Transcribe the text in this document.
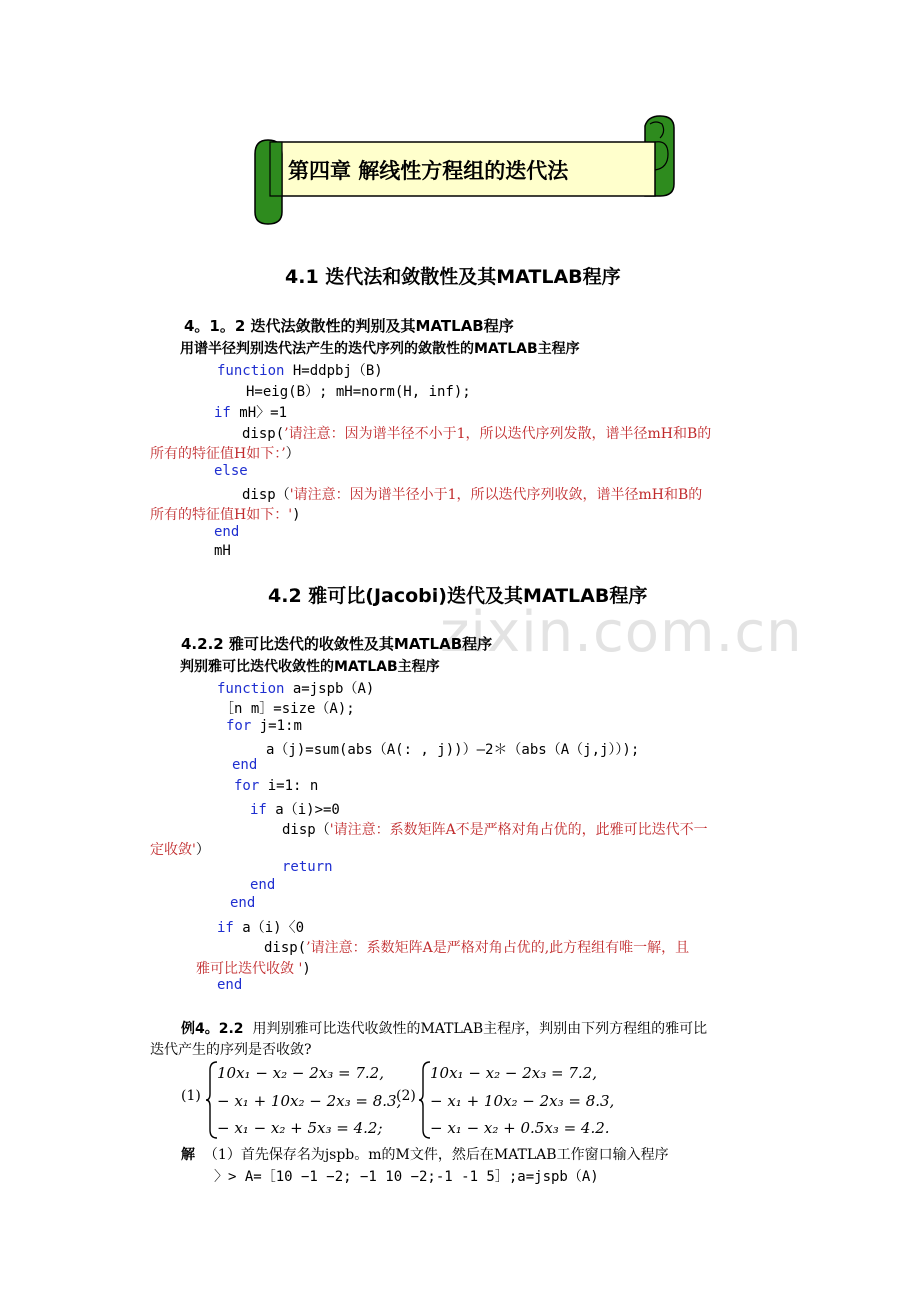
zixin.com.cn
第四章 解线性方程组的迭代法
4.1 迭代法和敛散性及其MATLAB程序
4。1。2 迭代法敛散性的判别及其MATLAB程序
用谱半径判别迭代法产生的迭代序列的敛散性的MATLAB主程序
function H=ddpbj（B)
H=eig(B）; mH=norm(H, inf);
if mH〉=1
disp(’请注意：因为谱半径不小于1，所以迭代序列发散，谱半径mH和B的
所有的特征值H如下：’）
else
disp（'请注意：因为谱半径小于1，所以迭代序列收敛，谱半径mH和B的
所有的特征值H如下：')
end
mH
4.2 雅可比(Jacobi)迭代及其MATLAB程序
4.2.2 雅可比迭代的收敛性及其MATLAB程序
判别雅可比迭代收敛性的MATLAB主程序
function a=jspb（A)
［n m］=size（A);
for j=1:m
a（j)=sum(abs（A(: , j))）—2＊（abs（A（j,j））);
end
for i=1: n
if a（i)>=0
disp（'请注意：系数矩阵A不是严格对角占优的，此雅可比迭代不一
定收敛'）
return
end
end
if a（i)〈0
disp(’请注意：系数矩阵A是严格对角占优的,此方程组有唯一解，且
雅可比迭代收敛 ')
end
例4。2.2 用判别雅可比迭代收敛性的MATLAB主程序，判别由下列方程组的雅可比
迭代产生的序列是否收敛?
(1)
10x₁ − x₂ − 2x₃ = 7.2,
− x₁ + 10x₂ − 2x₃ = 8.3,
− x₁ − x₂ + 5x₃ = 4.2;
(2)
10x₁ − x₂ − 2x₃ = 7.2,
− x₁ + 10x₂ − 2x₃ = 8.3,
− x₁ − x₂ + 0.5x₃ = 4.2.
解 （1）首先保存名为jspb。m的M文件，然后在MATLAB工作窗口输入程序
〉> A=［10 −1 −2; −1 10 −2;-1 -1 5］;a=jspb（A)
